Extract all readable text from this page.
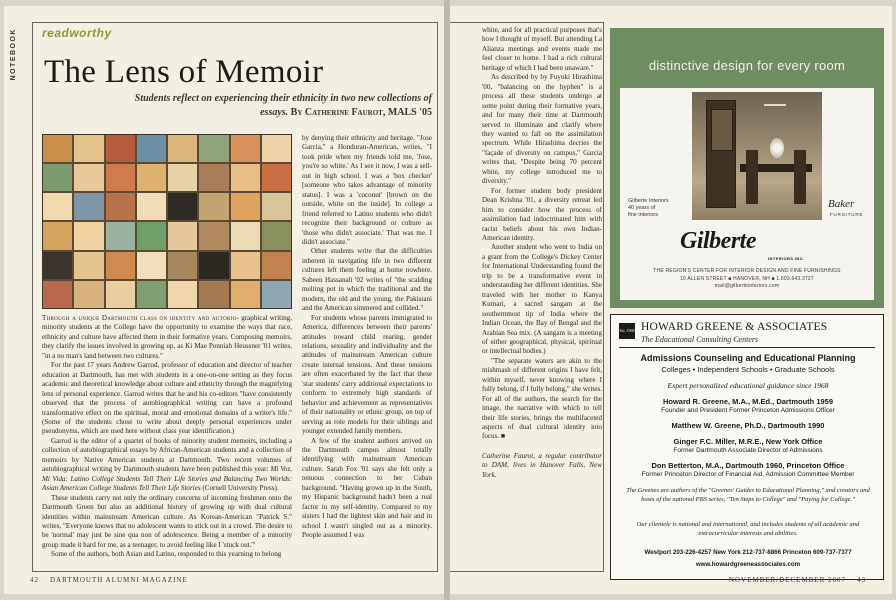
NOTEBOOK readworthy
The Lens of Memoir
Students reflect on experiencing their ethnicity in two new collections of essays. By Catherine Faurot, MALS '05

Through a unique Dartmouth class on identity and autobio- graphical writing, minority students at the College have the opportunity to examine the ways that race, ethnicity and culture have affected them in their formative years. Composing memoirs, they clarify the issues involved in growing up, as Ki Mae Ponniah Heussner '01 writes, "in a no man's land between two cultures."

For the past 17 years Andrew Garrod, professor of education and director of teacher education at Dartmouth, has met with students in a one-on-one setting as they focus academic and theoretical knowledge about culture and ethnicity through the magnifying lens of personal experience. Garrod writes that he and his co-editors "have consistently observed that the process of autobiographical writing can have a profound transformative effect on the spiritual, moral and emotional domains of a writer's life." (Some of the students chose to write about deeply personal experiences under pseudonyms, which are used here without class year identification.)

Garrod is the editor of a quartet of books of minority student memoirs, including a collection of autobiographical essays by African-American students and a collection of memoirs by Native American students at Dartmouth. Two recent volumes of autobiographical writing by Dartmouth students have been published this year: Mi Voz, Mi Vida: Latino College Students Tell Their Life Stories and Balancing Two Worlds: Asian American College Students Tell Their Life Stories (Cornell University Press).

These students carry not only the ordinary concerns of incoming freshmen onto the Dartmouth Green but also an additional history of growing up with dual cultural identities within mainstream American culture. As Korean-American "Patrick S." writes, "Everyone knows that no adolescent wants to stick out in a crowd. The desire to be 'normal' may just be sine qua non of adolescence. Being a member of a minority group made it hard for me, as a teenager, to avoid feeling like I 'stuck out.'"

Some of the authors, both Asian and Latino, responded to this yearning to belong

by denying their ethnicity and heritage. "Jose Garcia," a Honduran-American, writes, "I took pride when my friends told me, 'Jose, you're so white.' As I see it now, I was a sell-out in high school. I was a 'box checker' [someone who takes advantage of minority status]. I was a 'coconut' [brown on the outside, white on the inside]. In college a friend referred to Latino students who didn't recognize their background or culture as 'those who didn't associate.' That was me. I didn't associate."

Other students write that the difficulties inherent in navigating life in two different cultures left them feeling at home nowhere. Sabeen Hassanali '02 writes of "the scalding melting pot in which the traditional and the modern, the old and the young, the Pakistani and the American simmered and collided."

For students whose parents immigrated to America, differences between their parents' attitudes toward child rearing, gender relations, sexuality and individuality and the attitudes of mainstream American culture create internal tensions. And these tensions are often exacerbated by the fact that these 'star students' carry additional expectations to conform to extremely high standards of behavior and achievement as representatives of their nationality or ethnic group, on top of serving as role models for their siblings and younger extended family members.

A few of the student authors arrived on the Dartmouth campus almost totally identifying with mainstream American culture. Sarah Fox '01 says she felt only a tenuous connection to her Cuban background. "Having grown up in the South, my Hispanic background hadn't been a real factor in my self-identity. Compared to my sisters I had the lightest skin and hair and in school I wasn't singled out as a minority. People assumed I was

42 DARTMOUTH ALUMNI MAGAZINE

white, and for all practical purposes that's how I thought of myself. But attending La Alianza meetings and events made me feel closer to home. I had a rich cultural heritage of which I had been unaware."

As described by by Fuyuki Hirashima '00, "balancing on the hyphen" is a process all these students undergo at some point during their formative years, and for many their time at Dartmouth served to illuminate and clarify where they wanted to fall on the assimilation spectrum. While Hirashima decries the "façade of diversity on campus," Garcia writes that, "Despite being 70 percent white, my college introduced me to diversity."

For former student body president Dean Krishna '01, a diversity retreat led him to consider how the process of assimilation had indoctrinated him with racist beliefs about his own Indian-American identity.

Another student who went to India on a grant from the College's Dickey Center for International Understanding found the trip to be a transformative event in understanding her different identities. She traveled with her mother to Kanya Kumari, a sacred sangam at the southernmost tip of India where the Indian Ocean, the Bay of Bengal and the Arabian Sea mix. (A sangam is a meeting of either geographical, physical, spiritual or intellectual bodies.)

"The separate waters are akin to the mishmash of different origins I have felt, within myself, never knowing where I fully belong, if I fully belong," she writes. For all of the authors, the search for the image, the narrative with which to tell their life stories, brings the multifaceted aspects of dual cultural identity into focus. ■

Catherine Faurot, a regular contributor to DAM, lives in Hanover Falls, New York.

distinctive design for every room
Gilberte Interiors
40 years of
fine interiors
Baker
FURNITURE
Gilberte
INTERIORS INC.
THE REGION'S CENTER FOR INTERIOR DESIGN AND FINE FURNISHINGS
10 ALLEN STREET ■ HANOVER, NH ■ 1.603.643.3727
mail@gilberteinteriors.com
Est. 1968 HOWARD GREENE & ASSOCIATES
The Educational Consulting Centers
Admissions Counseling and Educational Planning
Colleges • Independent Schools • Graduate Schools
Expert personalized educational guidance since 1968
Howard R. Greene, M.A., M.Ed., Dartmouth 1959
Founder and President Former Princeton Admissions Officer
Matthew W. Greene, Ph.D., Dartmouth 1990
Ginger F.C. Miller, M.R.E., New York Office
Former Dartmouth Associate Director of Admissions
Don Betterton, M.A., Dartmouth 1960, Princeton Office
Former Princeton Director of Financial Aid, Admission Committee Member
The Greenes are authors of the "Greenes' Guides to Educational Planning," and creators and hosts of the national PBS series, "Ten Steps to College" and "Paying for College."
Our clientele is national and international, and includes students of all academic and extracurricular interests and abilities.
Westport 203-226-4257 New York 212-737-8866 Princeton 609-737-7377
www.howardgreeneassociates.com
NOVEMBER/DECEMBER 2007 43
